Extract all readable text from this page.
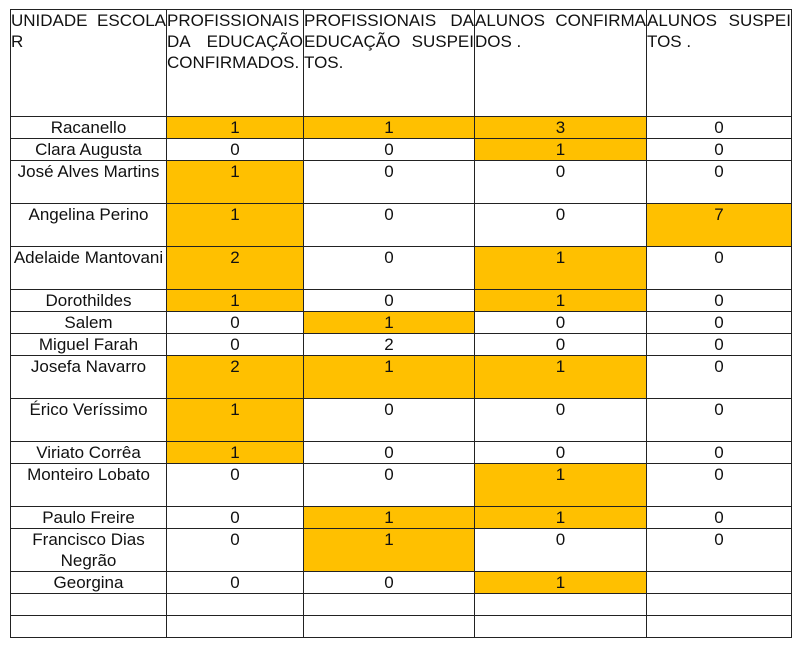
UNIDADE ESCOLAR	PROFISSIONAIS DA EDUCAÇÃO CONFIRMADOS.	PROFISSIONAIS DA EDUCAÇÃO SUSPEITOS.	ALUNOS CONFIRMADOS .	ALUNOS SUSPEITOS .

Racanello	1	1	3	0
Clara Augusta	0	0	1	0
José Alves Martins	1	0	0	0
Angelina Perino	1	0	0	7
Adelaide Mantovani	2	0	1	0
Dorothildes	1	0	1	0
Salem	0	1	0	0
Miguel Farah	0	2	0	0
Josefa Navarro	2	1	1	0
Érico Veríssimo	1	0	0	0
Viriato Corrêa	1	0	0	0
Monteiro Lobato	0	0	1	0
Paulo Freire	0	1	1	0
Francisco Dias Negrão	0	1	0	0
Georgina	0	0	1	
